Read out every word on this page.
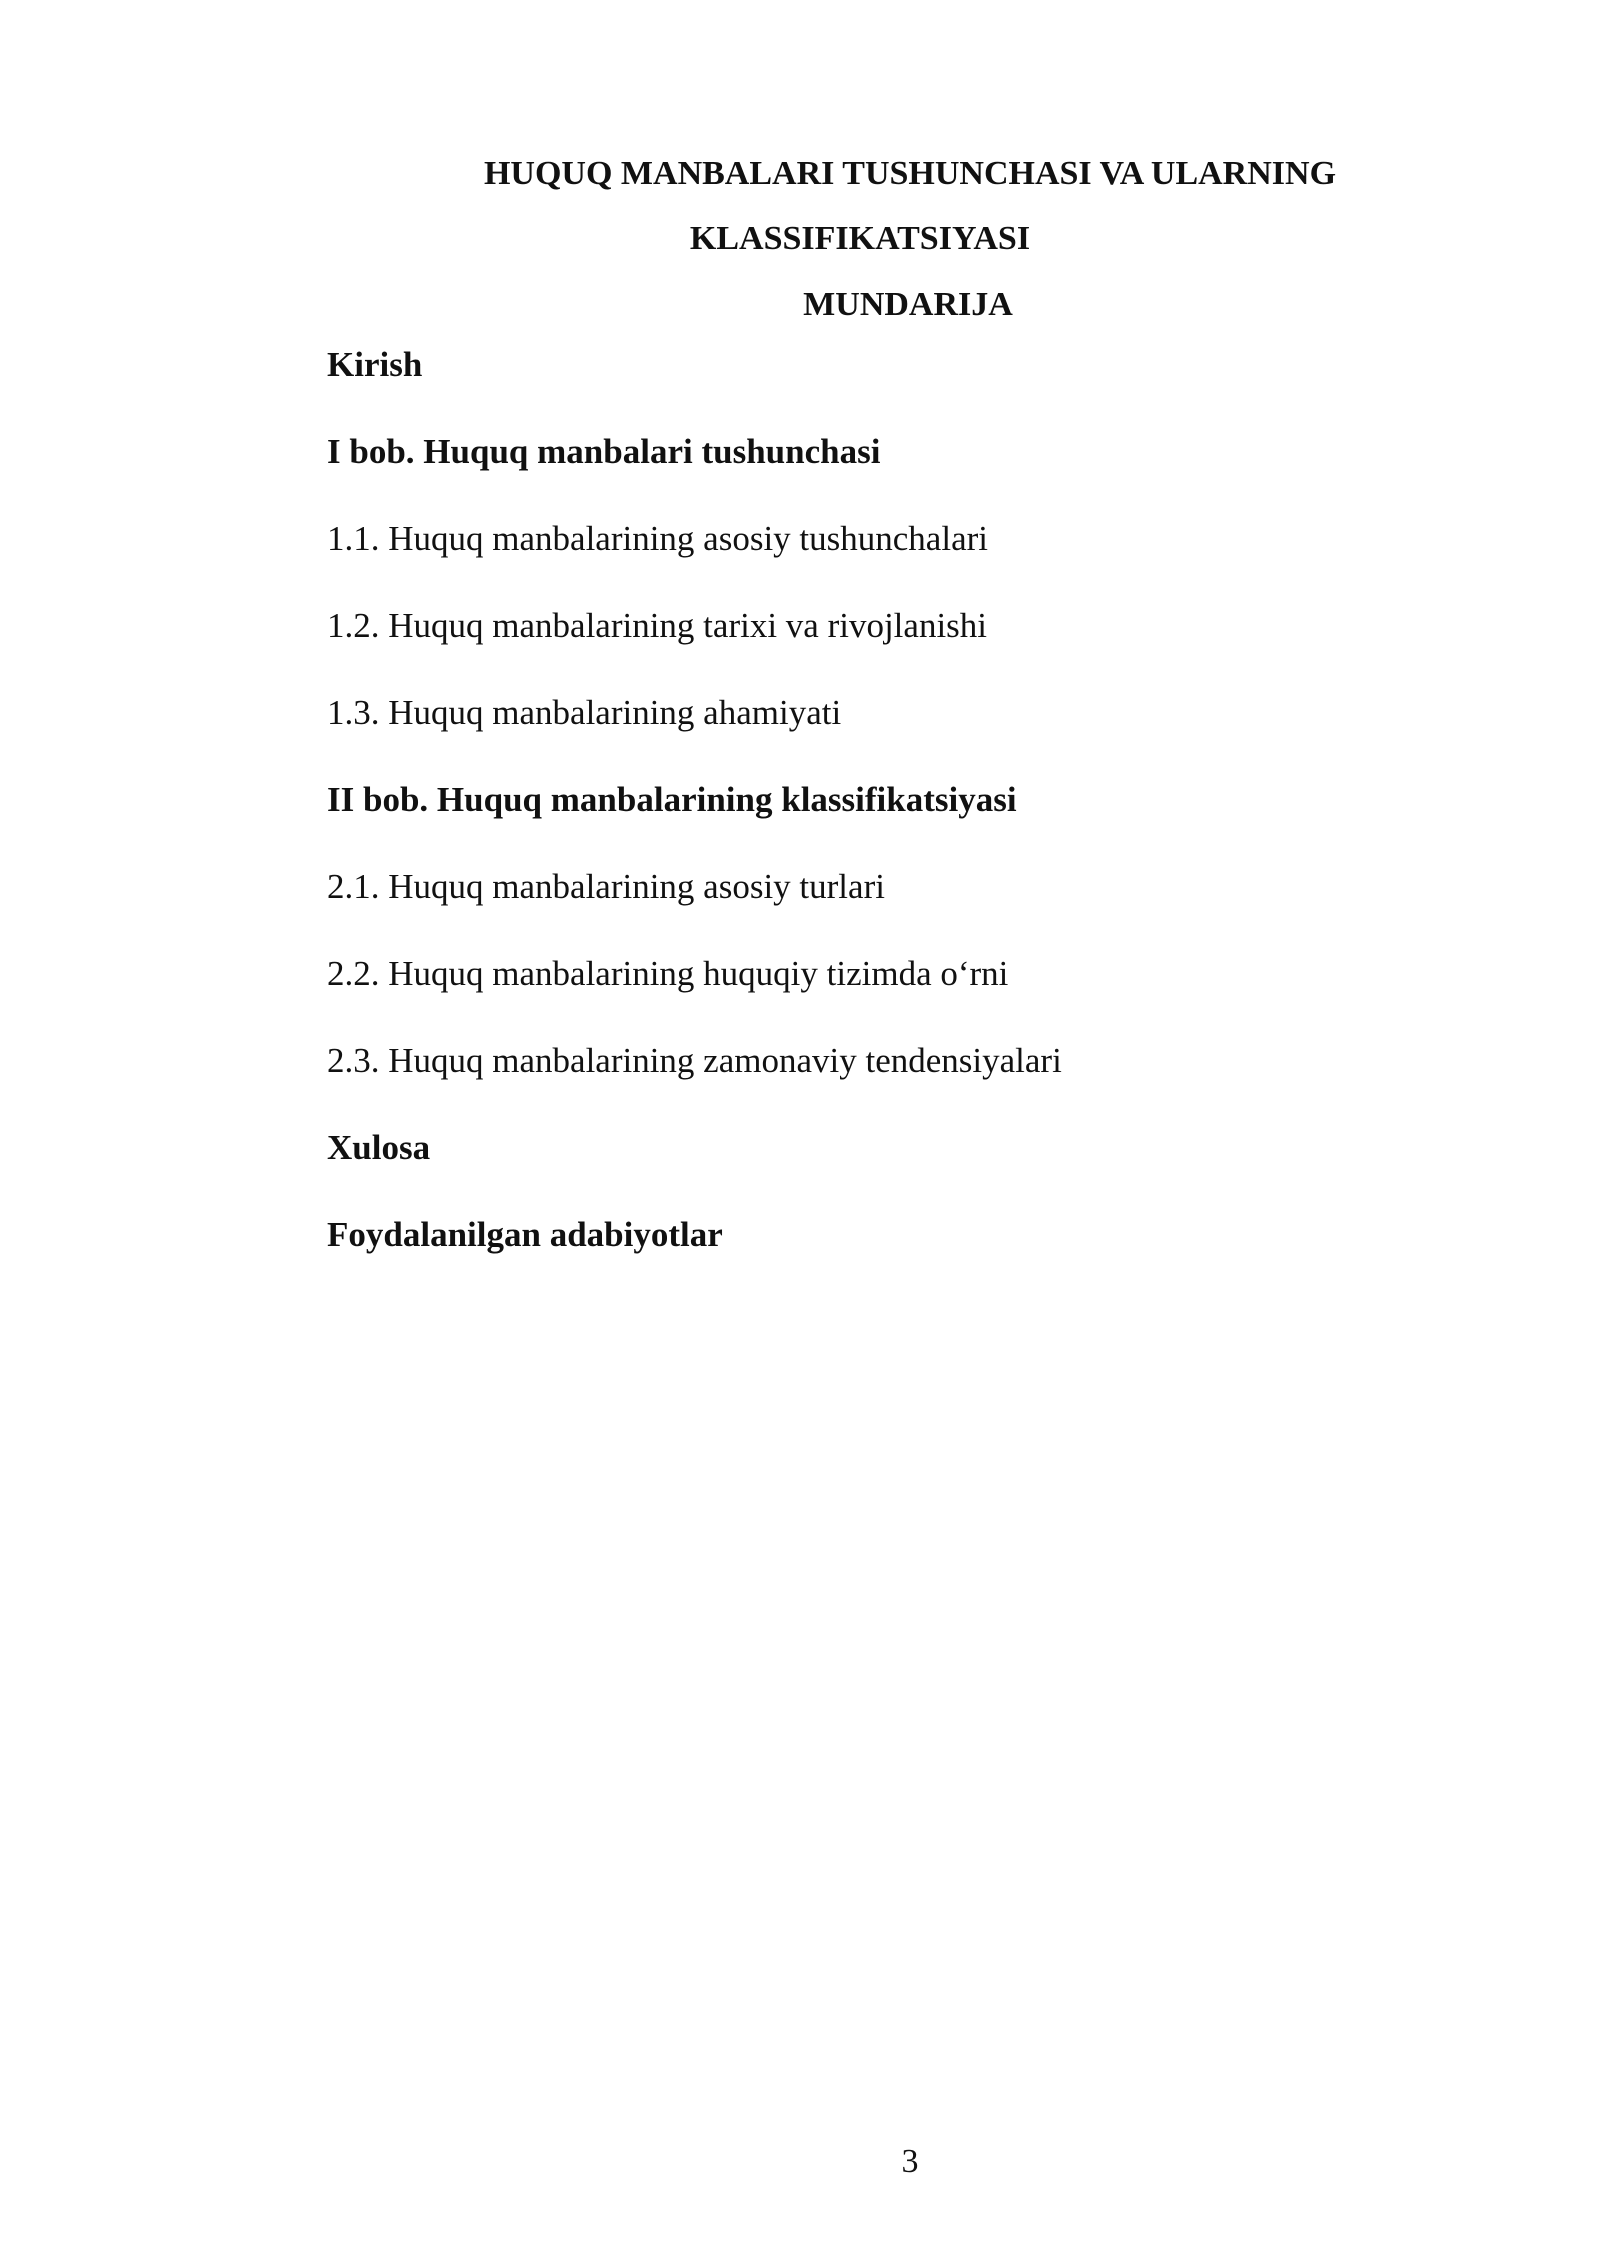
HUQUQ MANBALARI TUSHUNCHASI VA ULARNING
KLASSIFIKATSIYASI
MUNDARIJA
Kirish
I bob. Huquq manbalari tushunchasi
1.1. Huquq manbalarining asosiy tushunchalari
1.2. Huquq manbalarining tarixi va rivojlanishi
1.3. Huquq manbalarining ahamiyati
II bob. Huquq manbalarining klassifikatsiyasi
2.1. Huquq manbalarining asosiy turlari
2.2. Huquq manbalarining huquqiy tizimda o‘rni
2.3. Huquq manbalarining zamonaviy tendensiyalari
Xulosa
Foydalanilgan adabiyotlar
3
